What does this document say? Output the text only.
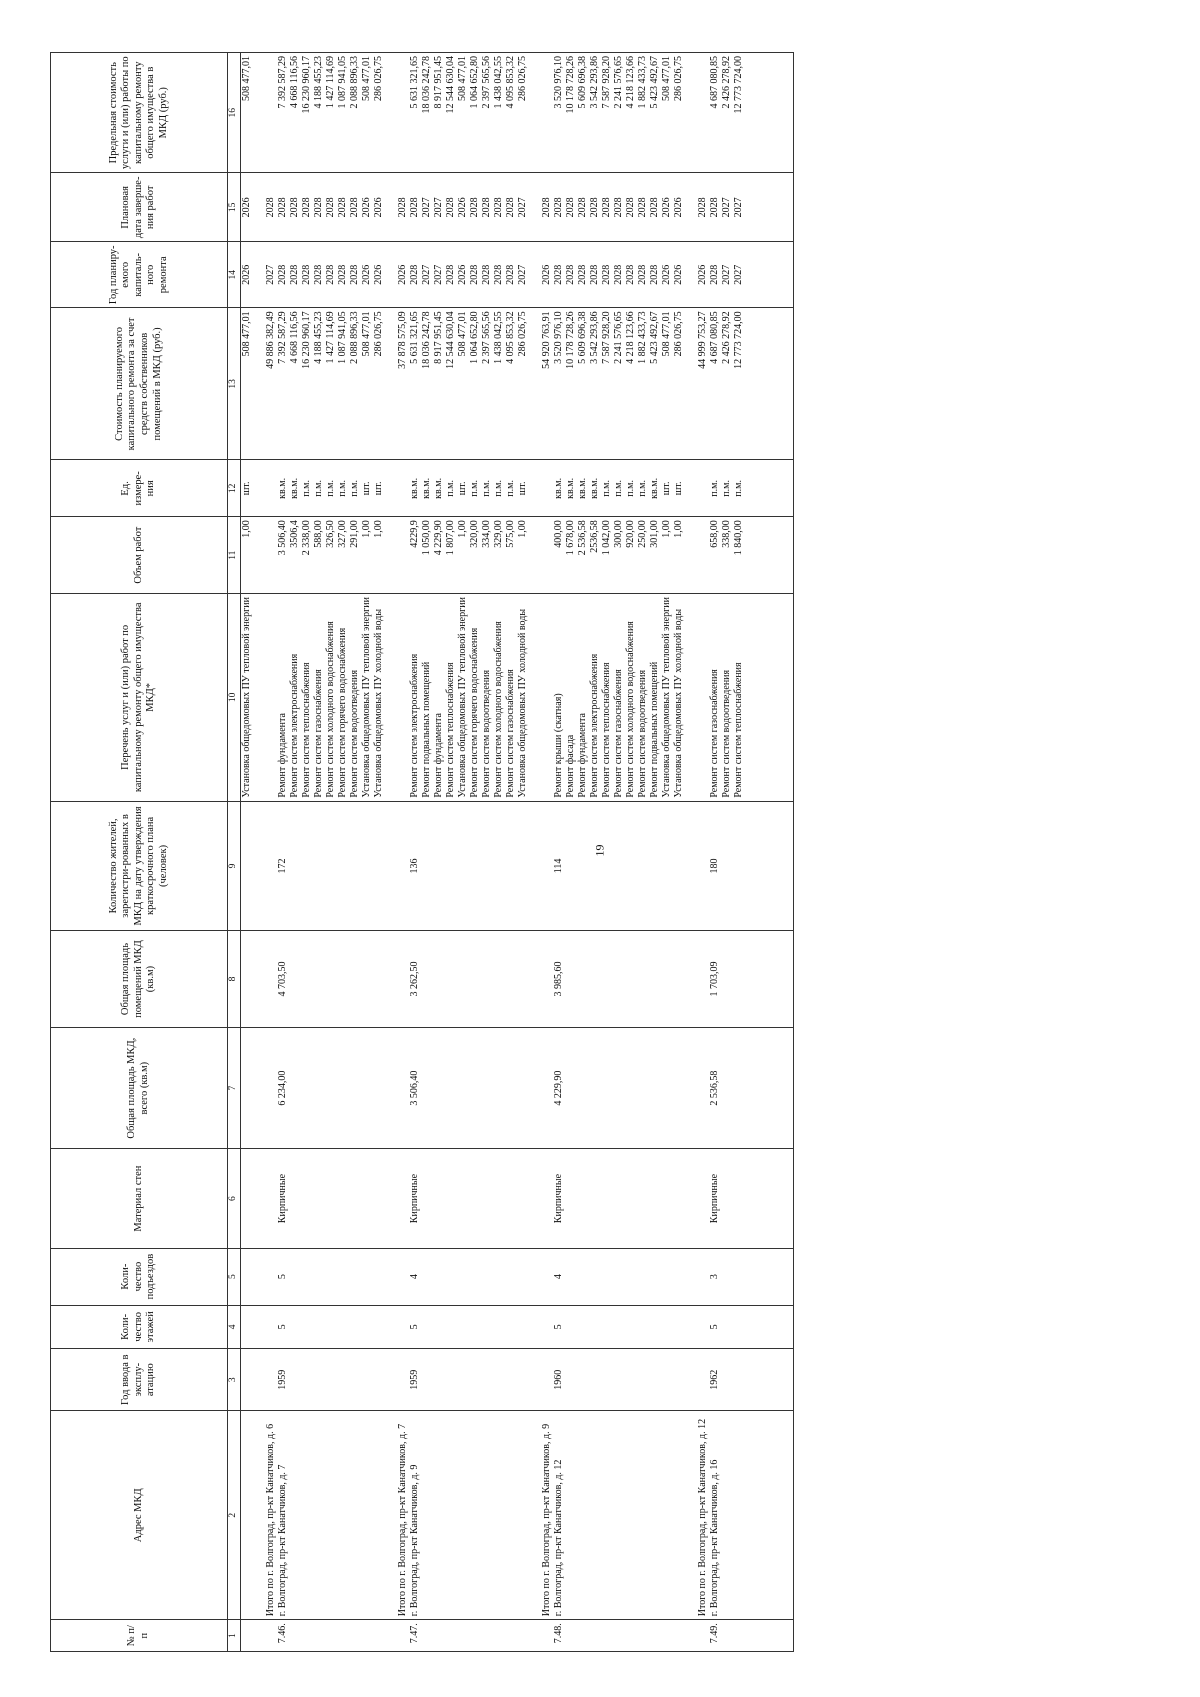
19
№ п/п	Адрес МКД	Год ввода в эксплу-атацию	Коли-чество этажей	Коли-чество подъездов	Материал стен	Общая площадь МКД, всего (кв.м)	Общая площадь помещений МКД (кв.м)	Количество жителей, зарегистри-рованных в МКД на дату утверждения краткосрочного плана (человек)	Перечень услуг и (или) работ по капитальному ремонту общего имущества МКД*	Объем работ	Ед. измере-ния	Стоимость планируемого капитального ремонта за счет средств собственников помещений в МКД (руб.)	Год планиру-емого капиталь-ного ремонта	Плановая дата заверше-ния работ	Предельная стоимость услуги и (или) работы по капитальному ремонту общего имущества в МКД (руб.)
1	2	3	4	5	6	7	8	9	10	11	12	13	14	15	16
									Установка общедомовых ПУ тепловой энергии	1,00	шт.	508 477,01	2026	2026	508 477,01
	Итого по г. Волгоград, пр-кт Канатчиков, д. 6											49 886 382,49	2027	2028	
7.46.	г. Волгоград, пр-кт Канатчиков, д. 7	1959	5	5	Кирпичные	6 234,00	4 703,50	172	Ремонт фундамента	3 506,40	кв.м.	7 392 587,29	2028	2028	7 392 587,29
									Ремонт систем электроснабжения	3506,4	кв.м.	4 668 116,56	2028	2028	4 668 116,56
									Ремонт систем теплоснабжения	2 338,00	п.м.	16 230 960,17	2028	2028	16 230 960,17
									Ремонт систем газоснабжения	588,00	п.м.	4 188 455,23	2028	2028	4 188 455,23
									Ремонт систем холодного водоснабжения	326,50	п.м.	1 427 114,69	2028	2028	1 427 114,69
									Ремонт систем горячего водоснабжения	327,00	п.м.	1 087 941,05	2028	2028	1 087 941,05
									Ремонт систем водоотведения	291,00	п.м.	2 088 896,33	2028	2028	2 088 896,33
									Установка общедомовых ПУ тепловой энергии	1,00	шт.	508 477,01	2026	2026	508 477,01
									Установка общедомовых ПУ холодной воды	1,00	шт.	286 026,75	2026	2026	286 026,75
	Итого по г. Волгоград, пр-кт Канатчиков, д. 7											37 878 575,09	2026	2028	
7.47.	г. Волгоград, пр-кт Канатчиков, д. 9	1959	5	4	Кирпичные	3 506,40	3 262,50	136	Ремонт систем электроснабжения	4229,9	кв.м.	5 631 321,65	2028	2028	5 631 321,65
									Ремонт подвальных помещений	1 050,00	кв.м.	18 036 242,78	2027	2027	18 036 242,78
									Ремонт фундамента	4 229,90	кв.м.	8 917 951,45	2027	2027	8 917 951,45
									Ремонт систем теплоснабжения	1 807,00	п.м.	12 544 630,04	2028	2028	12 544 630,04
									Установка общедомовых ПУ тепловой энергии	1,00	шт.	508 477,01	2026	2026	508 477,01
									Ремонт систем горячего водоснабжения	320,00	п.м.	1 064 652,80	2028	2028	1 064 652,80
									Ремонт систем водоотведения	334,00	п.м.	2 397 565,56	2028	2028	2 397 565,56
									Ремонт систем холодного водоснабжения	329,00	п.м.	1 438 042,55	2028	2028	1 438 042,55
									Ремонт систем газоснабжения	575,00	п.м.	4 095 853,32	2028	2028	4 095 853,32
									Установка общедомовых ПУ холодной воды	1,00	шт.	286 026,75	2027	2027	286 026,75
	Итого по г. Волгоград, пр-кт Канатчиков, д. 9											54 920 763,91	2026	2028	
7.48.	г. Волгоград, пр-кт Канатчиков, д. 12	1960	5	4	Кирпичные	4 229,90	3 985,60	114	Ремонт крыши (скатная)	400,00	кв.м.	3 520 976,10	2028	2028	3 520 976,10
									Ремонт фасада	1 678,00	кв.м.	10 178 728,26	2028	2028	10 178 728,26
									Ремонт фундамента	2 536,58	кв.м.	5 609 696,38	2028	2028	5 609 696,38
									Ремонт систем электроснабжения	2536,58	кв.м.	3 542 293,86	2028	2028	3 542 293,86
									Ремонт систем теплоснабжения	1 042,00	п.м.	7 587 928,20	2028	2028	7 587 928,20
									Ремонт систем газоснабжения	300,00	п.м.	2 241 576,65	2028	2028	2 241 576,65
									Ремонт систем холодного водоснабжения	920,00	п.м.	4 218 123,66	2028	2028	4 218 123,66
									Ремонт систем водоотведения	250,00	п.м.	1 882 433,73	2028	2028	1 882 433,73
									Ремонт подвальных помещений	301,00	кв.м.	5 423 492,67	2028	2028	5 423 492,67
									Установка общедомовых ПУ тепловой энергии	1,00	шт.	508 477,01	2026	2026	508 477,01
									Установка общедомовых ПУ холодной воды	1,00	шт.	286 026,75	2026	2026	286 026,75
	Итого по г. Волгоград, пр-кт Канатчиков, д. 12											44 999 753,27	2026	2028	
7.49.	г. Волгоград, пр-кт Канатчиков, д. 16	1962	5	3	Кирпичные	2 536,58	1 703,09	180	Ремонт систем газоснабжения	658,00	п.м.	4 687 080,85	2028	2028	4 687 080,85
									Ремонт систем водоотведения	338,00	п.м.	2 426 278,92	2027	2027	2 426 278,92
									Ремонт систем теплоснабжения	1 840,00	п.м.	12 773 724,00	2027	2027	12 773 724,00
